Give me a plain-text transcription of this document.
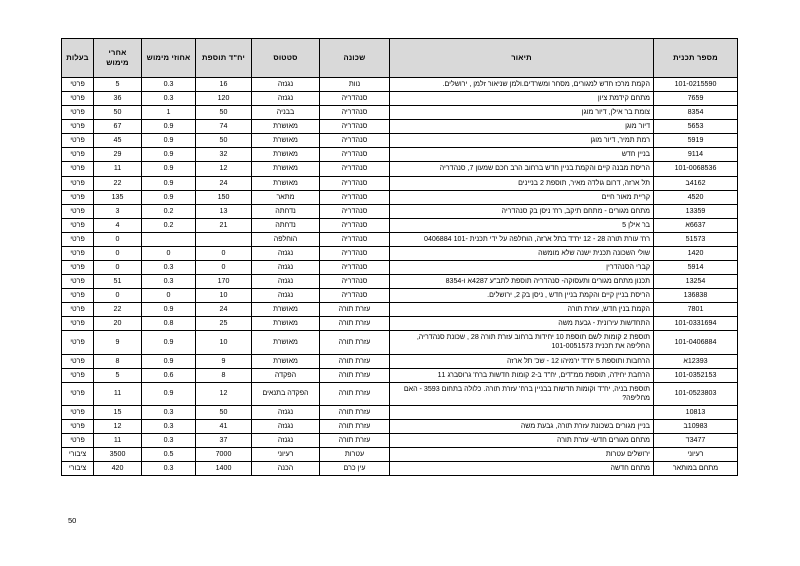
מספר תכנית	תיאור	שכונה	סטטוס	יח"ד תוספת	אחוזי מימוש	אחרי מימוש	בעלות
101-0215590	הקמת מרכז חדש למגורים, מסחר ומשרדים.ולמן שניאור זלמן , ירושלים.	נוות	נגנזה	16	0.3	5	פרטי
7659	מתחם קידמת ציון	סנהדריה	נגנזה	120	0.3	36	פרטי
8354	צומת בר אילן, דיור מוגן	סנהדריה	בבניה	50	1	50	פרטי
5653	דיור מוגן	סנהדריה	מאושרת	74	0.9	67	פרטי
5919	רמת תמיר, דיור מוגן	סנהדריה	מאושרת	50	0.9	45	פרטי
9114	בניין חדש	סנהדריה	מאושרת	32	0.9	29	פרטי
101-0068536	הריסת מבנה קיים והקמת בניין חדש ברחוב הרב חכם שמעון 7, סנהדריה	סנהדריה	מאושרת	12	0.9	11	פרטי
4162ב	תל ארזה, דרום גולדה מאיר, תוספת 2 בניינים	סנהדריה	מאושרת	24	0.9	22	פרטי
4520	קריית מאור חיים	סנהדריה	מתאר	150	0.9	135	פרטי
13359	מתחם מגורים - מתחם תיקב, רח' ניסן בק סנהדריה	סנהדריה	נדחתה	13	0.2	3	פרטי
6637א	בר אילן 5	סנהדריה	נדחתה	21	0.2	4	פרטי
51573	רח' עורת תורה 28 - 12 יח"ד בתל ארזה, הוחלפה על ידי תכנית -101 0406884	סנהדריה	הוחלפה			0	פרטי
1420	שולי השכונה תכנית ישנה שלא מומשה	סנהדריה	נגנזה	0	0	0	פרטי
5914	קברי הסנהדרין	סנהדריה	נגנזה	0	0.3	0	פרטי
13254	תכנון מתחם מגורים ותעסוקה- סנהדריה תוספת לתב"ע 4287א ו-8354	סנהדריה	נגנזה	170	0.3	51	פרטי
136838	הריסת בניין קיים והקמת בניין חדש , ניסן בק 2, ירושלים.	סנהדריה	נגנזה	10	0	0	פרטי
7801	הקמת בנין חדש, עזרת תורה	עזרת תורה	מאושרת	24	0.9	22	פרטי
101-0331694	התחדשות עירונית - גבעת משה	עזרת תורה	מאושרת	25	0.8	20	פרטי
101-0406884	תוספת 2 קומות לשם תוספת 10 יחידות ברחוב עזרת תורה 28 , שכונת סנהדריה, החליפה את תכנית 101-0051573	עזרת תורה	מאושרת	10	0.9	9	פרטי
12393א	הרחבות ותוספת 5 יח"ד ירמיהו 12 - שכ' תל ארזה	עזרת תורה	מאושרת	9	0.9	8	פרטי
101-0352153	הרחבת יחידה, תוספת ממ"דים, יח"ד ב-2 קומות חדשות ברח' גרוסברג 11	עזרת תורה	הפקדה	8	0.6	5	פרטי
101-0523803	תוספת בניה, יח"ד וקומות חדשות בבניין ברח' עזרת תורה. כלולה בתחום 3593 - האם מחליפה?	עזרת תורה	הפקדה בתנאים	12	0.9	11	פרטי
10813		עזרת תורה	נגנזה	50	0.3	15	פרטי
10983ב	בניין מגורים בשכונת עזרת תורה, גבעת משה	עזרת תורה	נגנזה	41	0.3	12	פרטי
3477ד	מתחם מגורים חדש- עזרת תורה	עזרת תורה	נגנזה	37	0.3	11	פרטי
רעיוני	ירושלים עטרות	עטרות	רעיוני	7000	0.5	3500	ציבורי
מתחם במותאר	מתחם חדשה	עין כרם	הכנה	1400	0.3	420	ציבורי
50
